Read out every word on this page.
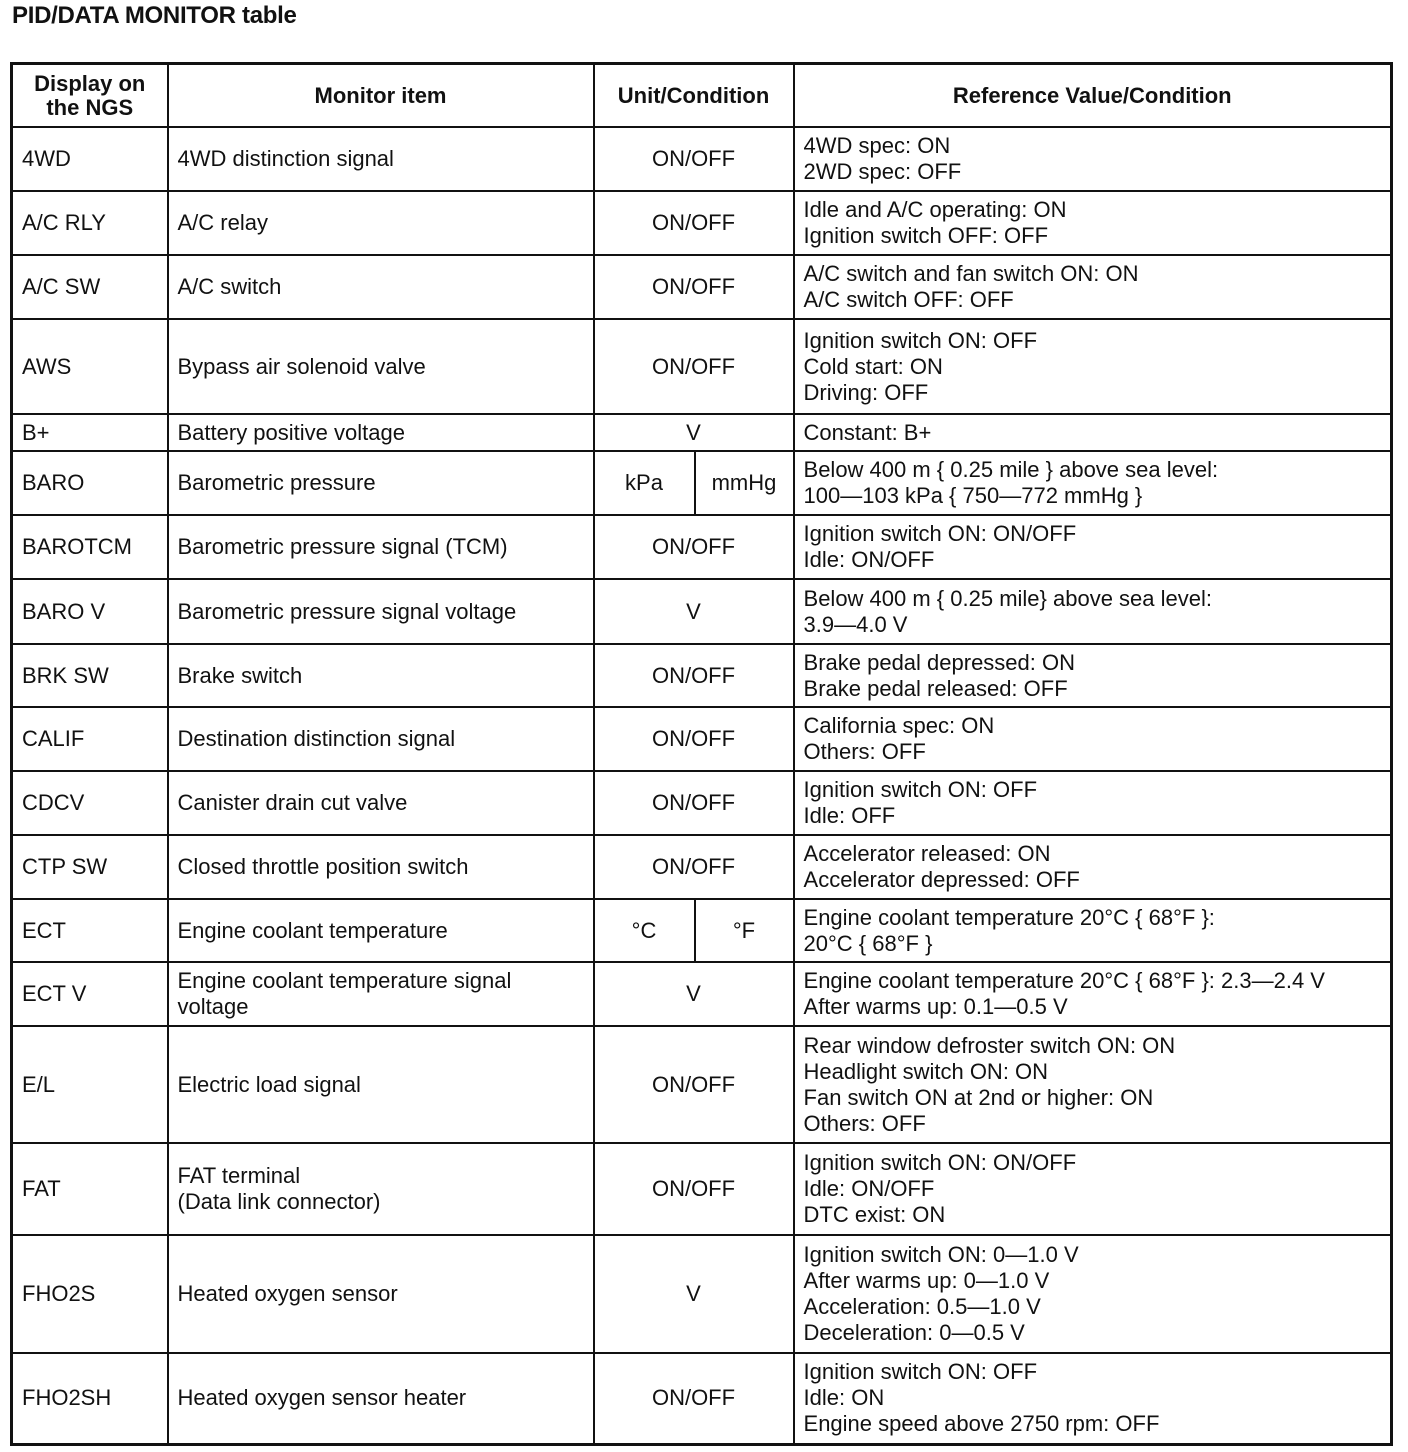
PID/DATA MONITOR table
Display on
the NGS	Monitor item	Unit/Condition		Reference Value/Condition
4WD	4WD distinction signal	ON/OFF		4WD spec: ON
2WD spec: OFF

A/C RLY	A/C relay	ON/OFF		Idle and A/C operating: ON
Ignition switch OFF: OFF

A/C SW	A/C switch	ON/OFF		A/C switch and fan switch ON: ON
A/C switch OFF: OFF

AWS	Bypass air solenoid valve	ON/OFF		Ignition switch ON: OFF
Cold start: ON
Driving: OFF

B+	Battery positive voltage	V		Constant: B+

BARO	Barometric pressure	kPa	mmHg	Below 400 m { 0.25 mile } above sea level:
100—103 kPa { 750—772 mmHg }

BAROTCM	Barometric pressure signal (TCM)	ON/OFF		Ignition switch ON: ON/OFF
Idle: ON/OFF

BARO V	Barometric pressure signal voltage	V		Below 400 m { 0.25 mile} above sea level:
3.9—4.0 V

BRK SW	Brake switch	ON/OFF		Brake pedal depressed: ON
Brake pedal released: OFF

CALIF	Destination distinction signal	ON/OFF		California spec: ON
Others: OFF

CDCV	Canister drain cut valve	ON/OFF		Ignition switch ON: OFF
Idle: OFF

CTP SW	Closed throttle position switch	ON/OFF		Accelerator released: ON
Accelerator depressed: OFF

ECT	Engine coolant temperature	°C	°F	Engine coolant temperature 20°C { 68°F }:
20°C { 68°F }

ECT V	Engine coolant temperature signal
voltage	V		Engine coolant temperature 20°C { 68°F }: 2.3—2.4 V
After warms up: 0.1—0.5 V

E/L	Electric load signal	ON/OFF		Rear window defroster switch ON: ON
Headlight switch ON: ON
Fan switch ON at 2nd or higher: ON
Others: OFF

FAT	FAT terminal
(Data link connector)	ON/OFF		Ignition switch ON: ON/OFF
Idle: ON/OFF
DTC exist: ON

FHO2S	Heated oxygen sensor	V		Ignition switch ON: 0—1.0 V
After warms up: 0—1.0 V
Acceleration: 0.5—1.0 V
Deceleration: 0—0.5 V

FHO2SH	Heated oxygen sensor heater	ON/OFF		Ignition switch ON: OFF
Idle: ON
Engine speed above 2750 rpm: OFF
